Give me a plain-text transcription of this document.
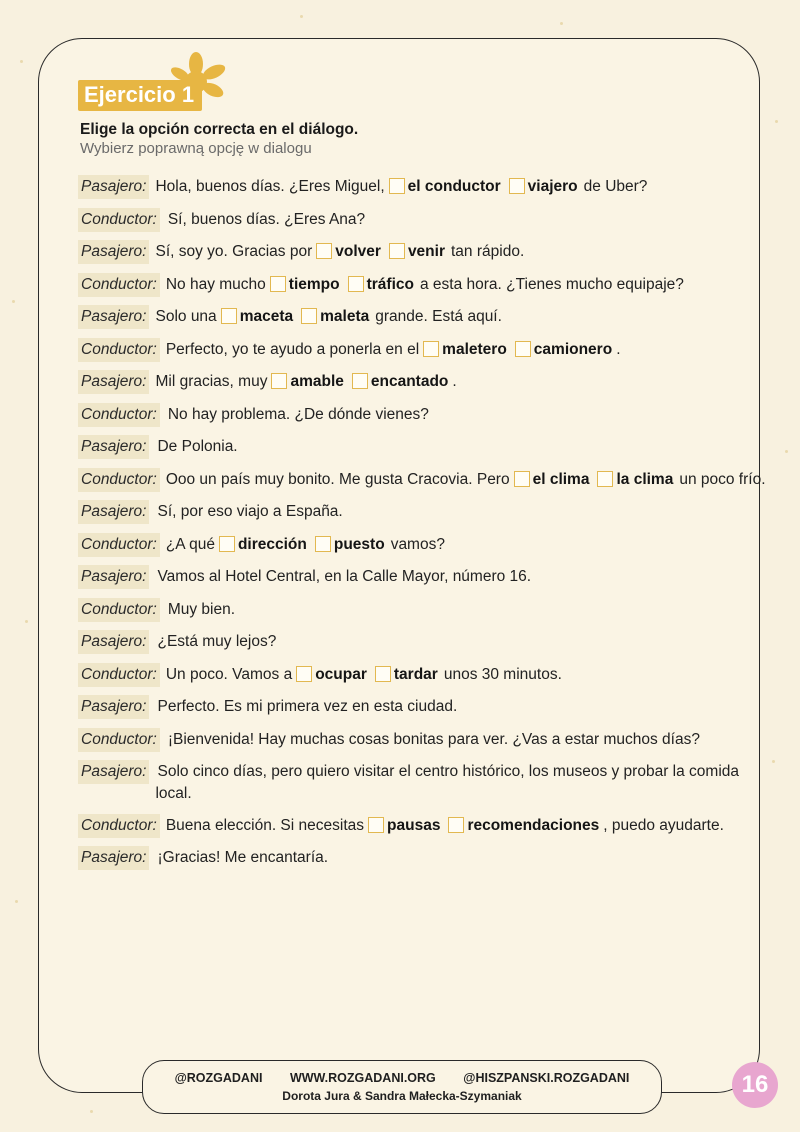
Ejercicio 1
Elige la opción correcta en el diálogo.
Wybierz poprawną opcję w dialogu
Pasajero: Hola, buenos días. ¿Eres Miguel, el conductor viajero de Uber?
Conductor: Sí, buenos días. ¿Eres Ana?
Pasajero: Sí, soy yo. Gracias por volver venir tan rápido.
Conductor: No hay mucho tiempo tráfico a esta hora. ¿Tienes mucho equipaje?
Pasajero: Solo una maceta maleta grande. Está aquí.
Conductor: Perfecto, yo te ayudo a ponerla en el maletero camionero .
Pasajero: Mil gracias, muy amable encantado .
Conductor: No hay problema. ¿De dónde vienes?
Pasajero: De Polonia.
Conductor: Ooo un país muy bonito. Me gusta Cracovia. Pero el clima la clima un poco frío.
Pasajero: Sí, por eso viajo a España.
Conductor: ¿A qué dirección puesto vamos?
Pasajero: Vamos al Hotel Central, en la Calle Mayor, número 16.
Conductor: Muy bien.
Pasajero: ¿Está muy lejos?
Conductor: Un poco. Vamos a ocupar tardar unos 30 minutos.
Pasajero: Perfecto. Es mi primera vez en esta ciudad.
Conductor: ¡Bienvenida! Hay muchas cosas bonitas para ver. ¿Vas a estar muchos días?
Pasajero: Solo cinco días, pero quiero visitar el centro histórico, los museos y probar la comida local.
Conductor: Buena elección. Si necesitas pausas recomendaciones , puedo ayudarte.
Pasajero: ¡Gracias! Me encantaría.
@ROZGADANI WWW.ROZGADANI.ORG @HISZPANSKI.ROZGADANI
Dorota Jura & Sandra Małecka-Szymaniak	16
